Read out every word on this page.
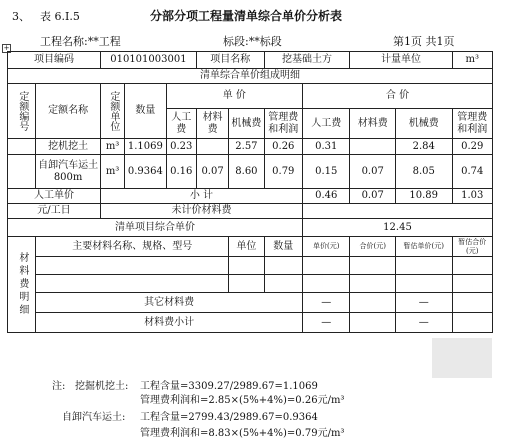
3、 表 6.Ⅰ.5	分部分项工程量清单综合单价分析表
+	工程名称:**工程	标段:**标段	第1页 共1页
项目编码		010101003001			项目名称		挖基础土方		计量单位		m³
清单综合单价组成明细											

定额编号	定额名称	定额单位	数量	单 价				合 价			
				人工费	材料费	机械费	管理费和利润	人工费	材料费	机械费	管理费和利润
	挖机挖土	m³	1.1069	0.23		2.57	0.26	0.31		2.84	0.29
	自卸汽车运土 800m	m³	0.9364	0.16	0.07	8.60	0.79	0.15	0.07	8.05	0.74
人工单价		小 计						0.46	0.07	10.89	1.03
元/工日		未计价材料费									
清单项目综合单价								12.45			

材料费明细	主要材料名称、规格、型号					单位	数量	单价(元)	合价(元)	暂估单价(元)	暂估合价(元)

	其它材料费							—		—	
	材料费小计							—		—	
注: 挖掘机挖土: 工程含量=3309.27/2989.67=1.1069
管理费利润和=2.85×(5%+4%)=0.26元/m³
自卸汽车运土: 工程含量=2799.43/2989.67=0.9364
管理费利润和=8.83×(5%+4%)=0.79元/m³
